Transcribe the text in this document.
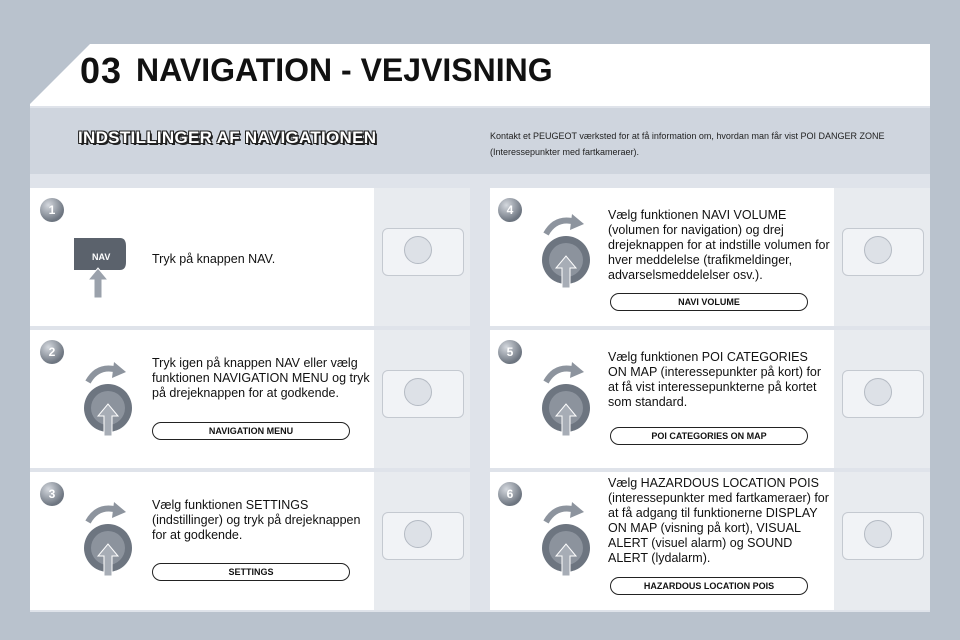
03 NAVIGATION - VEJVISNING
INDSTILLINGER AF NAVIGATIONEN	Kontakt et PEUGEOT værksted for at få information om, hvordan man får vist POI DANGER ZONE (Interessepunkter med fartkameraer).
1
NAV	Tryk på knappen NAV.
2
Tryk igen på knappen NAV eller vælg funktionen NAVIGATION MENU og tryk på drejeknappen for at godkende.
NAVIGATION MENU
3
Vælg funktionen SETTINGS (indstillinger) og tryk på drejeknappen for at godkende.
SETTINGS
4	Vælg funktionen NAVI VOLUME (volumen for navigation) og drej drejeknappen for at indstille volumen for hver meddelelse (trafikmeldinger, advarselsmeddelelser osv.).
NAVI VOLUME
5	Vælg funktionen POI CATEGORIES ON MAP (interessepunkter på kort) for at få vist interessepunkterne på kortet som standard.
POI CATEGORIES ON MAP
6
Vælg HAZARDOUS LOCATION POIS (interessepunkter med fartkameraer) for at få adgang til funktionerne DISPLAY ON MAP (visning på kort), VISUAL ALERT (visuel alarm) og SOUND ALERT (lydalarm).
HAZARDOUS LOCATION POIS
